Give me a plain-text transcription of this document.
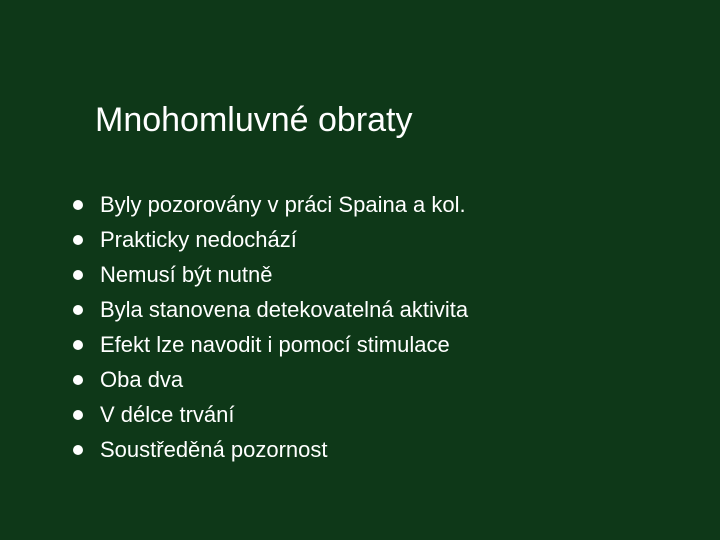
Mnohomluvné obraty
Byly pozorovány v práci Spaina a kol.
Prakticky nedochází
Nemusí být nutně
Byla stanovena detekovatelná aktivita
Efekt lze navodit i pomocí stimulace
Oba dva
V délce trvání
Soustředěná pozornost
